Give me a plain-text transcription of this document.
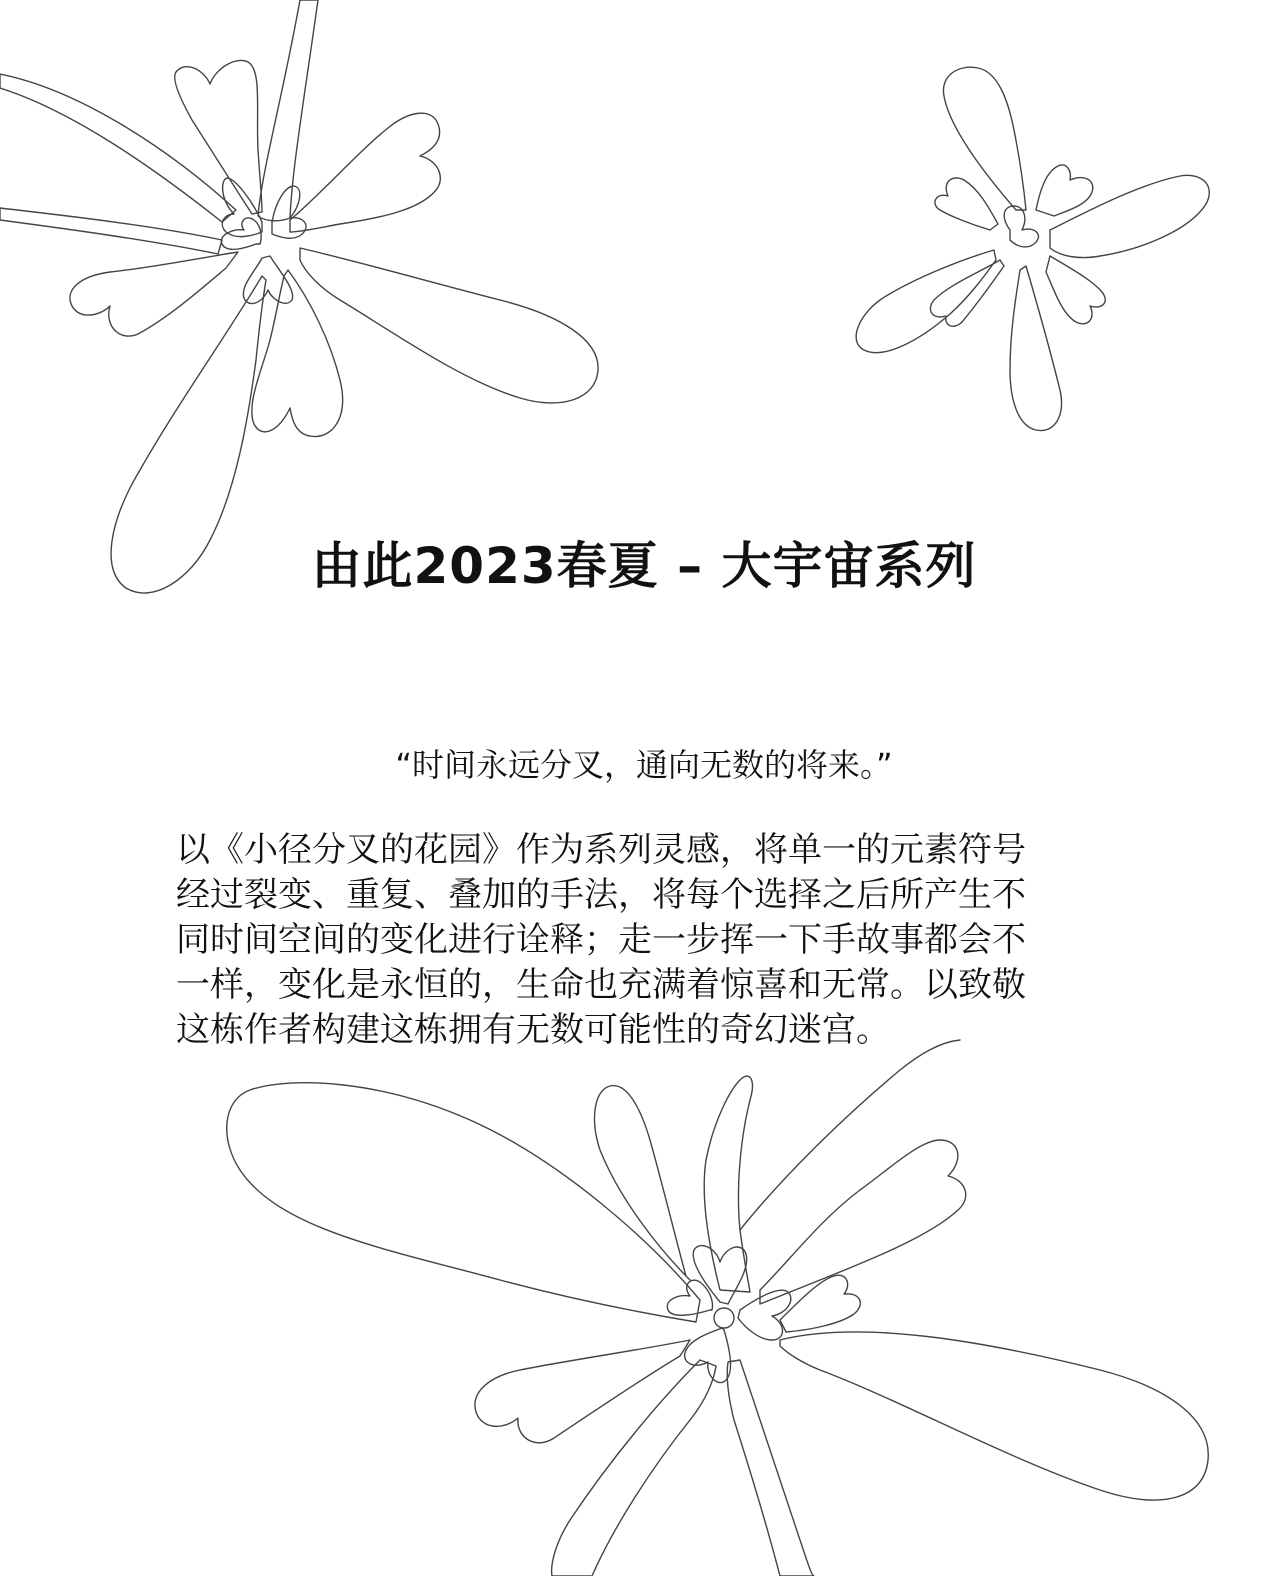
由此2023春夏 – 大宇宙系列
“时间永远分叉，通向无数的将来。”
以《小径分叉的花园》作为系列灵感，将单一的元素符号
经过裂变、重复、叠加的手法，将每个选择之后所产生不
同时间空间的变化进行诠释；走一步挥一下手故事都会不
一样，变化是永恒的，生命也充满着惊喜和无常。以致敬
这栋作者构建这栋拥有无数可能性的奇幻迷宫。
